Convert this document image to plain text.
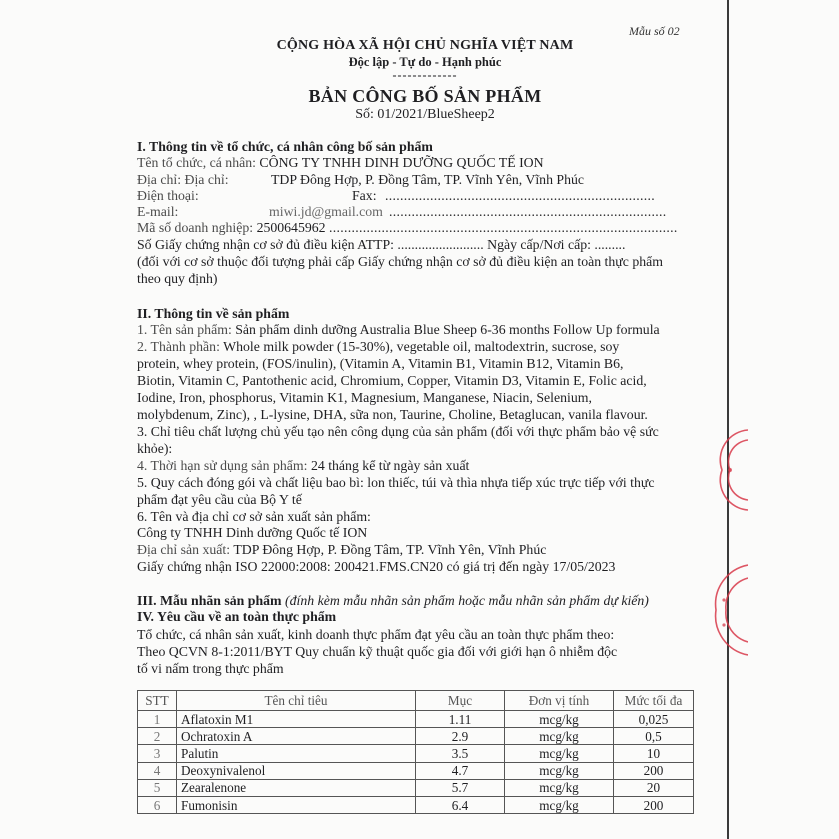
Mẫu số 02
CỘNG HÒA XÃ HỘI CHỦ NGHĨA VIỆT NAM
Độc lập - Tự do - Hạnh phúc
-------------
BẢN CÔNG BỐ SẢN PHẨM
Số: 01/2021/BlueSheep2
I. Thông tin về tổ chức, cá nhân công bố sản phẩm
Tên tổ chức, cá nhân: CÔNG TY TNHH DINH DƯỠNG QUỐC TẾ ION
Địa chỉ: Địa chỉ:	TDP Đông Hợp, P. Đồng Tâm, TP. Vĩnh Yên, Vĩnh Phúc
Điện thoại:	Fax: ........................................................................
E-mail:	miwi.jd@gmail.com ..........................................................................
Mã số doanh nghiệp: 2500645962 .............................................................................................
Số Giấy chứng nhận cơ sở đủ điều kiện ATTP: ......................... Ngày cấp/Nơi cấp: .........
(đối với cơ sở thuộc đối tượng phải cấp Giấy chứng nhận cơ sở đủ điều kiện an toàn thực phẩm
theo quy định)
II. Thông tin về sản phẩm
1. Tên sản phẩm: Sản phẩm dinh dưỡng Australia Blue Sheep 6-36 months Follow Up formula
2. Thành phần: Whole milk powder (15-30%), vegetable oil, maltodextrin, sucrose, soy
protein, whey protein, (FOS/inulin), (Vitamin A, Vitamin B1, Vitamin B12, Vitamin B6,
Biotin, Vitamin C, Pantothenic acid, Chromium, Copper, Vitamin D3, Vitamin E, Folic acid,
Iodine, Iron, phosphorus, Vitamin K1, Magnesium, Manganese, Niacin, Selenium,
molybdenum, Zinc), , L-lysine, DHA, sữa non, Taurine, Choline, Betaglucan, vanila flavour.
3. Chỉ tiêu chất lượng chủ yếu tạo nên công dụng của sản phẩm (đối với thực phẩm bảo vệ sức
khỏe):
4. Thời hạn sử dụng sản phẩm: 24 tháng kể từ ngày sản xuất
5. Quy cách đóng gói và chất liệu bao bì: lon thiếc, túi và thìa nhựa tiếp xúc trực tiếp với thực
phẩm đạt yêu cầu của Bộ Y tế
6. Tên và địa chỉ cơ sở sản xuất sản phẩm:
Công ty TNHH Dinh dưỡng Quốc tế ION
Địa chỉ sản xuất: TDP Đông Hợp, P. Đồng Tâm, TP. Vĩnh Yên, Vĩnh Phúc
Giấy chứng nhận ISO 22000:2008: 200421.FMS.CN20 có giá trị đến ngày 17/05/2023
III. Mẫu nhãn sản phẩm (đính kèm mẫu nhãn sản phẩm hoặc mẫu nhãn sản phẩm dự kiến)
IV. Yêu cầu về an toàn thực phẩm
Tổ chức, cá nhân sản xuất, kinh doanh thực phẩm đạt yêu cầu an toàn thực phẩm theo:
Theo QCVN 8-1:2011/BYT Quy chuẩn kỹ thuật quốc gia đối với giới hạn ô nhiễm độc
tố vi nấm trong thực phẩm
STT	Tên chỉ tiêu	Mục	Đơn vị tính	Mức tối đa
1	Aflatoxin M1	1.11	mcg/kg	0,025
2	Ochratoxin A	2.9	mcg/kg	0,5
3	Palutin	3.5	mcg/kg	10
4	Deoxynivalenol	4.7	mcg/kg	200
5	Zearalenone	5.7	mcg/kg	20
6	Fumonisin	6.4	mcg/kg	200
